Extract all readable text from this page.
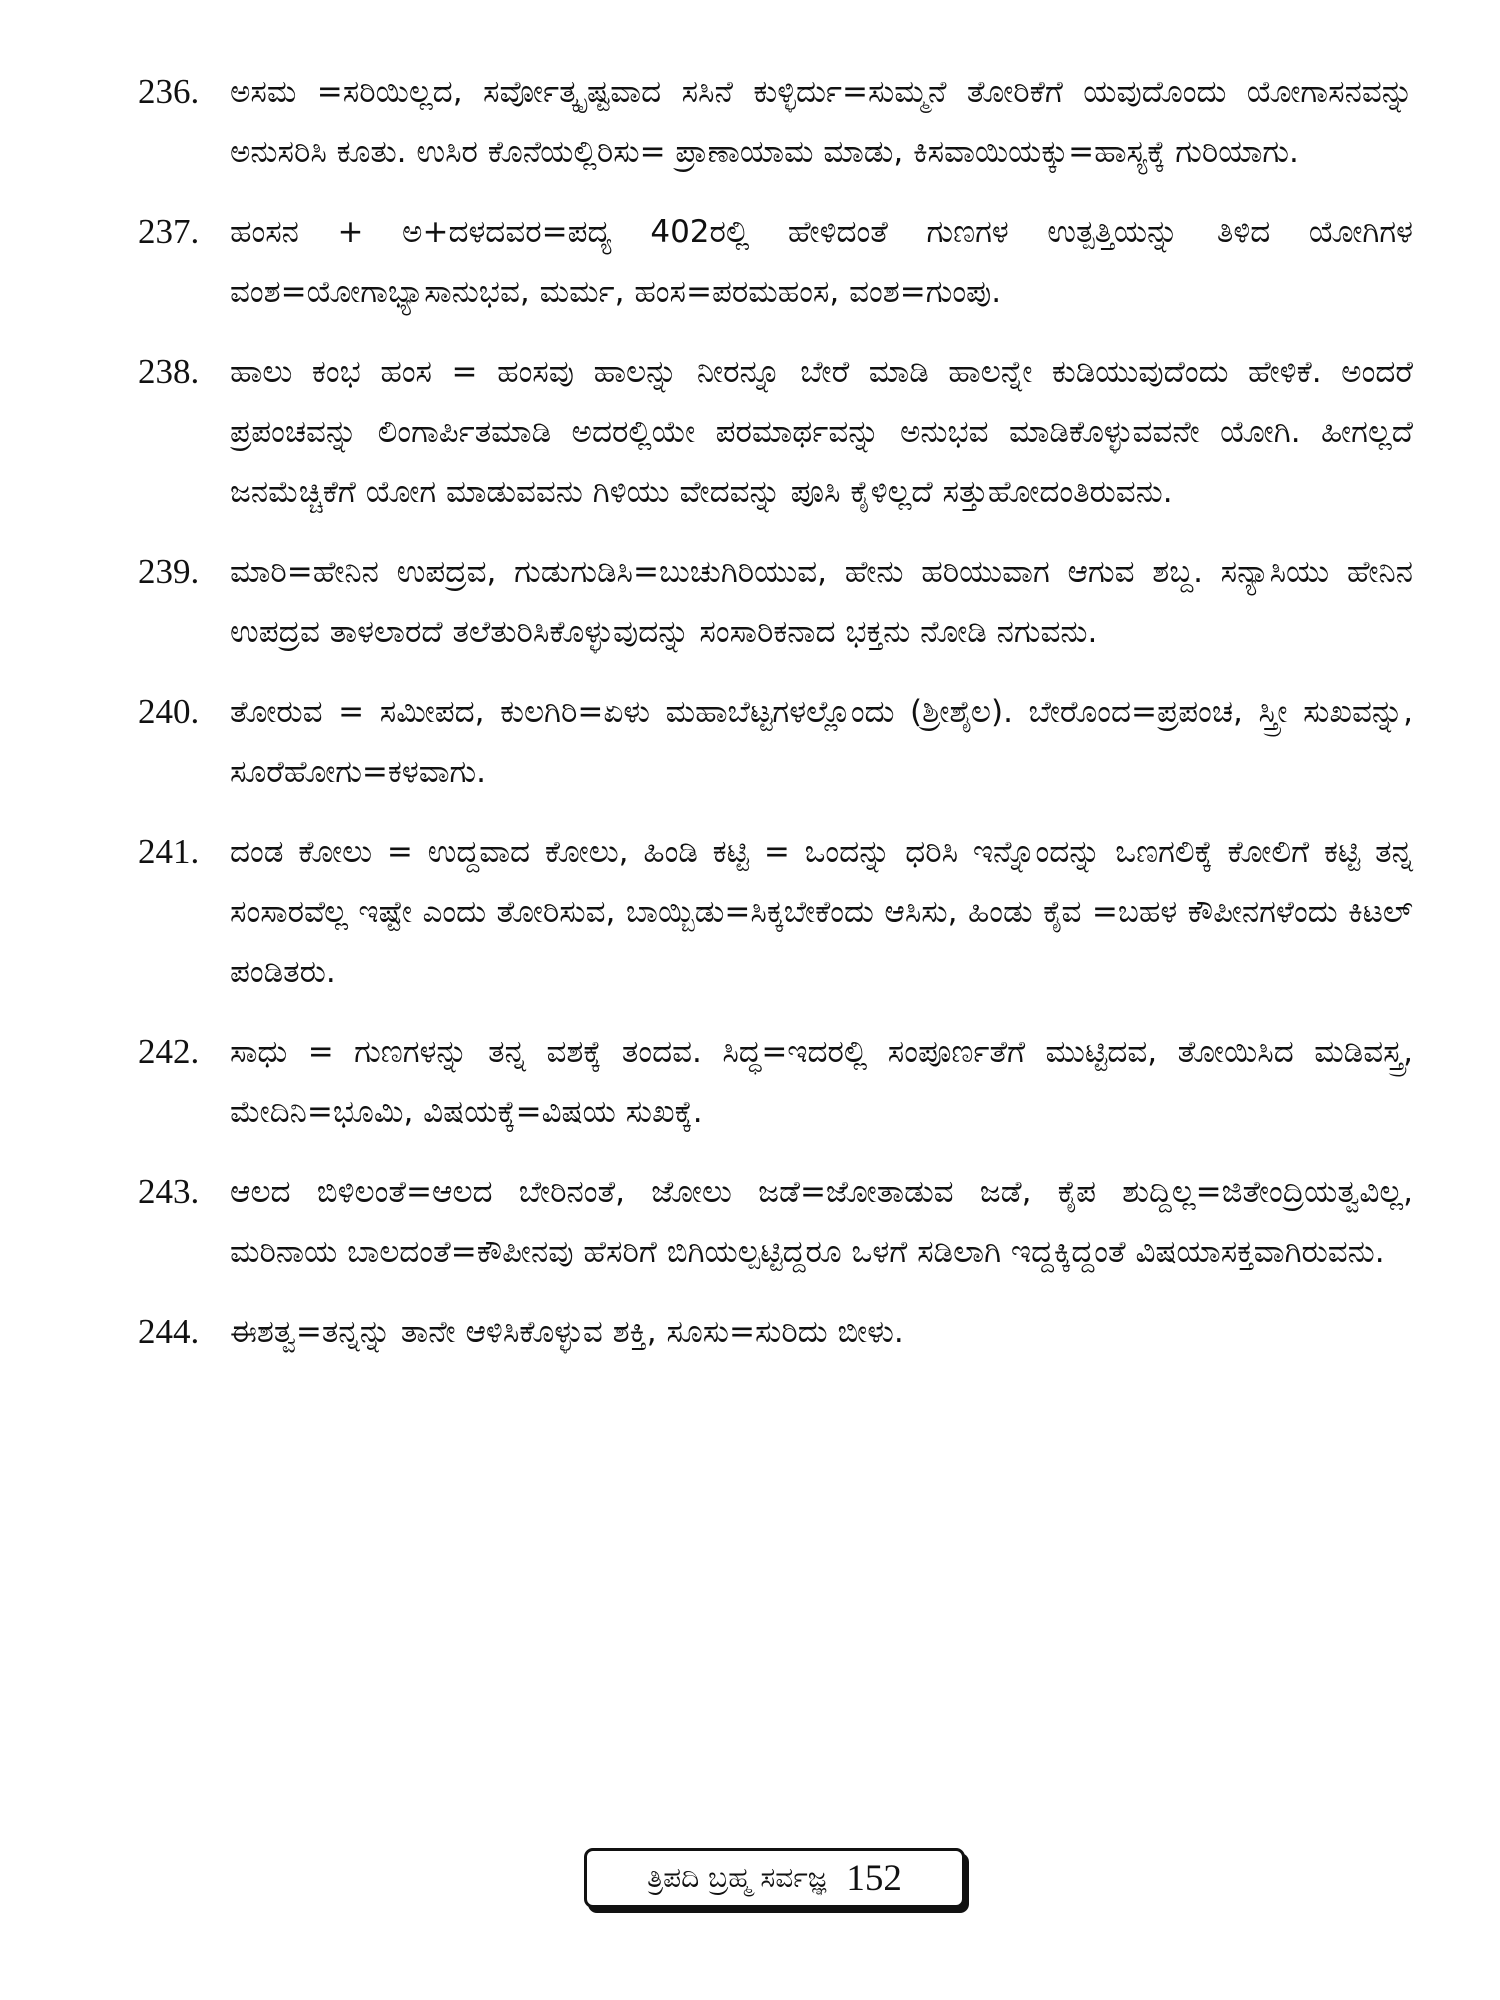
236. ಅಸಮ =ಸರಿಯಿಲ್ಲದ, ಸರ್ವೋತ್ಕೃಷ್ಟವಾದ ಸಸಿನೆ ಕುಳ್ಳಿರ್ದು=ಸುಮ್ಮನೆ ತೋರಿಕೆಗೆ ಯವುದೊಂದು ಯೋಗಾಸನವನ್ನು ಅನುಸರಿಸಿ ಕೂತು. ಉಸಿರ ಕೊನೆಯಲ್ಲಿರಿಸು= ಪ್ರಾಣಾಯಾಮ ಮಾಡು, ಕಿಸವಾಯಿಯಕ್ಕು=ಹಾಸ್ಯಕ್ಕೆ ಗುರಿಯಾಗು.
237. ಹಂಸನ + ಅ+ದಳದವರ=ಪದ್ಯ 402ರಲ್ಲಿ ಹೇಳಿದಂತೆ ಗುಣಗಳ ಉತ್ಪತ್ತಿಯನ್ನು ತಿಳಿದ ಯೋಗಿಗಳ ವಂಶ=ಯೋಗಾಭ್ಯಾಸಾನುಭವ, ಮರ್ಮ, ಹಂಸ=ಪರಮಹಂಸ, ವಂಶ=ಗುಂಪು.
238. ಹಾಲು ಕಂಭ ಹಂಸ = ಹಂಸವು ಹಾಲನ್ನು ನೀರನ್ನೂ ಬೇರೆ ಮಾಡಿ ಹಾಲನ್ನೇ ಕುಡಿಯುವುದೆಂದು ಹೇಳಿಕೆ. ಅಂದರೆ ಪ್ರಪಂಚವನ್ನು ಲಿಂಗಾರ್ಪಿತಮಾಡಿ ಅದರಲ್ಲಿಯೇ ಪರಮಾರ್ಥವನ್ನು ಅನುಭವ ಮಾಡಿಕೊಳ್ಳುವವನೇ ಯೋಗಿ. ಹೀಗಲ್ಲದೆ ಜನಮೆಚ್ಚಿಕೆಗೆ ಯೋಗ ಮಾಡುವವನು ಗಿಳಿಯು ವೇದವನ್ನು ಪೂಸಿ ಕೈಳಿಲ್ಲದೆ ಸತ್ತುಹೋದಂತಿರುವನು.
239. ಮಾರಿ=ಹೇನಿನ ಉಪದ್ರವ, ಗುಡುಗುಡಿಸಿ=ಬುಚುಗಿರಿಯುವ, ಹೇನು ಹರಿಯುವಾಗ ಆಗುವ ಶಬ್ದ. ಸನ್ಯಾಸಿಯು ಹೇನಿನ ಉಪದ್ರವ ತಾಳಲಾರದೆ ತಲೆತುರಿಸಿಕೊಳ್ಳುವುದನ್ನು ಸಂಸಾರಿಕನಾದ ಭಕ್ತನು ನೋಡಿ ನಗುವನು.
240. ತೋರುವ = ಸಮೀಪದ, ಕುಲಗಿರಿ=ಏಳು ಮಹಾಬೆಟ್ಟಗಳಲ್ಲೊಂದು (ಶ್ರೀಶೈಲ). ಬೇರೊಂದ=ಪ್ರಪಂಚ, ಸ್ತ್ರೀ ಸುಖವನ್ನು, ಸೂರೆಹೋಗು=ಕಳವಾಗು.
241. ದಂಡ ಕೋಲು = ಉದ್ದವಾದ ಕೋಲು, ಹಿಂಡಿ ಕಟ್ಟಿ = ಒಂದನ್ನು ಧರಿಸಿ ಇನ್ನೊಂದನ್ನು ಒಣಗಲಿಕ್ಕೆ ಕೋಲಿಗೆ ಕಟ್ಟಿ ತನ್ನ ಸಂಸಾರವೆಲ್ಲ ಇಷ್ಟೇ ಎಂದು ತೋರಿಸುವ, ಬಾಯ್ಬಿಡು=ಸಿಕ್ಕಬೇಕೆಂದು ಆಸಿಸು, ಹಿಂಡು ಕೈವ =ಬಹಳ ಕೌಪೀನಗಳೆಂದು ಕಿಟಲ್ ಪಂಡಿತರು.
242. ಸಾಧು = ಗುಣಗಳನ್ನು ತನ್ನ ವಶಕ್ಕೆ ತಂದವ. ಸಿದ್ಧ=ಇದರಲ್ಲಿ ಸಂಪೂರ್ಣತೆಗೆ ಮುಟ್ಟಿದವ, ತೋಯಿಸಿದ ಮಡಿವಸ್ತ್ರ, ಮೇದಿನಿ=ಭೂಮಿ, ವಿಷಯಕ್ಕೆ=ವಿಷಯ ಸುಖಕ್ಕೆ.
243. ಆಲದ ಬಿಳಿಲಂತೆ=ಆಲದ ಬೇರಿನಂತೆ, ಜೋಲು ಜಡೆ=ಜೋತಾಡುವ ಜಡೆ, ಕೈಪ ಶುದ್ದಿಲ್ಲ=ಜಿತೇಂದ್ರಿಯತ್ವವಿಲ್ಲ, ಮರಿನಾಯ ಬಾಲದಂತೆ=ಕೌಪೀನವು ಹೆಸರಿಗೆ ಬಿಗಿಯಲ್ಪಟ್ಟಿದ್ದರೂ ಒಳಗೆ ಸಡಿಲಾಗಿ ಇದ್ದಕ್ಕಿದ್ದಂತೆ ವಿಷಯಾಸಕ್ತವಾಗಿರುವನು.
244. ಈಶತ್ವ=ತನ್ನನ್ನು ತಾನೇ ಆಳಿಸಿಕೊಳ್ಳುವ ಶಕ್ತಿ, ಸೂಸು=ಸುರಿದು ಬೀಳು.
ತ್ರಿಪದಿ ಬ್ರಹ್ಮ ಸರ್ವಜ್ಞ 152
